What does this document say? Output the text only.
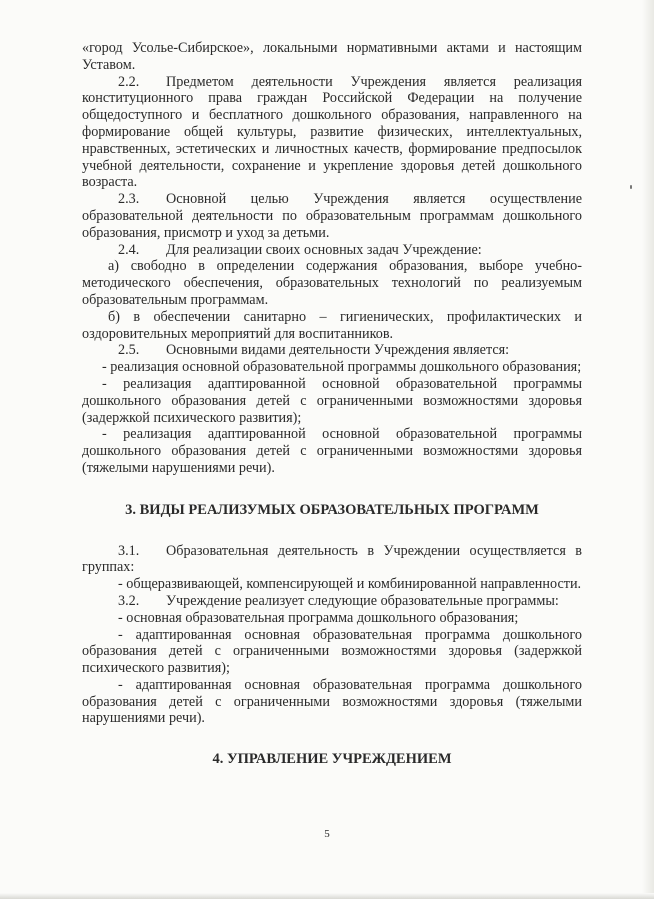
«город Усолье-Сибирское», локальными нормативными актами и настоящим Уставом.

2.2. Предметом деятельности Учреждения является реализация конституционного права граждан Российской Федерации на получение общедоступного и бесплатного дошкольного образования, направленного на формирование общей культуры, развитие физических, интеллектуальных, нравственных, эстетических и личностных качеств, формирование предпосылок учебной деятельности, сохранение и укрепление здоровья детей дошкольного возраста.

2.3. Основной целью Учреждения является осуществление образовательной деятельности по образовательным программам дошкольного образования, присмотр и уход за детьми.

2.4. Для реализации своих основных задач Учреждение:

а) свободно в определении содержания образования, выборе учебно-методического обеспечения, образовательных технологий по реализуемым образовательным программам.

б) в обеспечении санитарно – гигиенических, профилактических и оздоровительных мероприятий для воспитанников.

2.5. Основными видами деятельности Учреждения является:

- реализация основной образовательной программы дошкольного образования;

- реализация адаптированной основной образовательной программы дошкольного образования детей с ограниченными возможностями здоровья (задержкой психического развития);

- реализация адаптированной основной образовательной программы дошкольного образования детей с ограниченными возможностями здоровья (тяжелыми нарушениями речи).

3. ВИДЫ РЕАЛИЗУМЫХ ОБРАЗОВАТЕЛЬНЫХ ПРОГРАММ

3.1. Образовательная деятельность в Учреждении осуществляется в группах:

- общеразвивающей, компенсирующей и комбинированной направленности.

3.2. Учреждение реализует следующие образовательные программы:

- основная образовательная программа дошкольного образования;

- адаптированная основная образовательная программа дошкольного образования детей с ограниченными возможностями здоровья (задержкой психического развития);

- адаптированная основная образовательная программа дошкольного образования детей с ограниченными возможностями здоровья (тяжелыми нарушениями речи).

4. УПРАВЛЕНИЕ УЧРЕЖДЕНИЕМ

5
